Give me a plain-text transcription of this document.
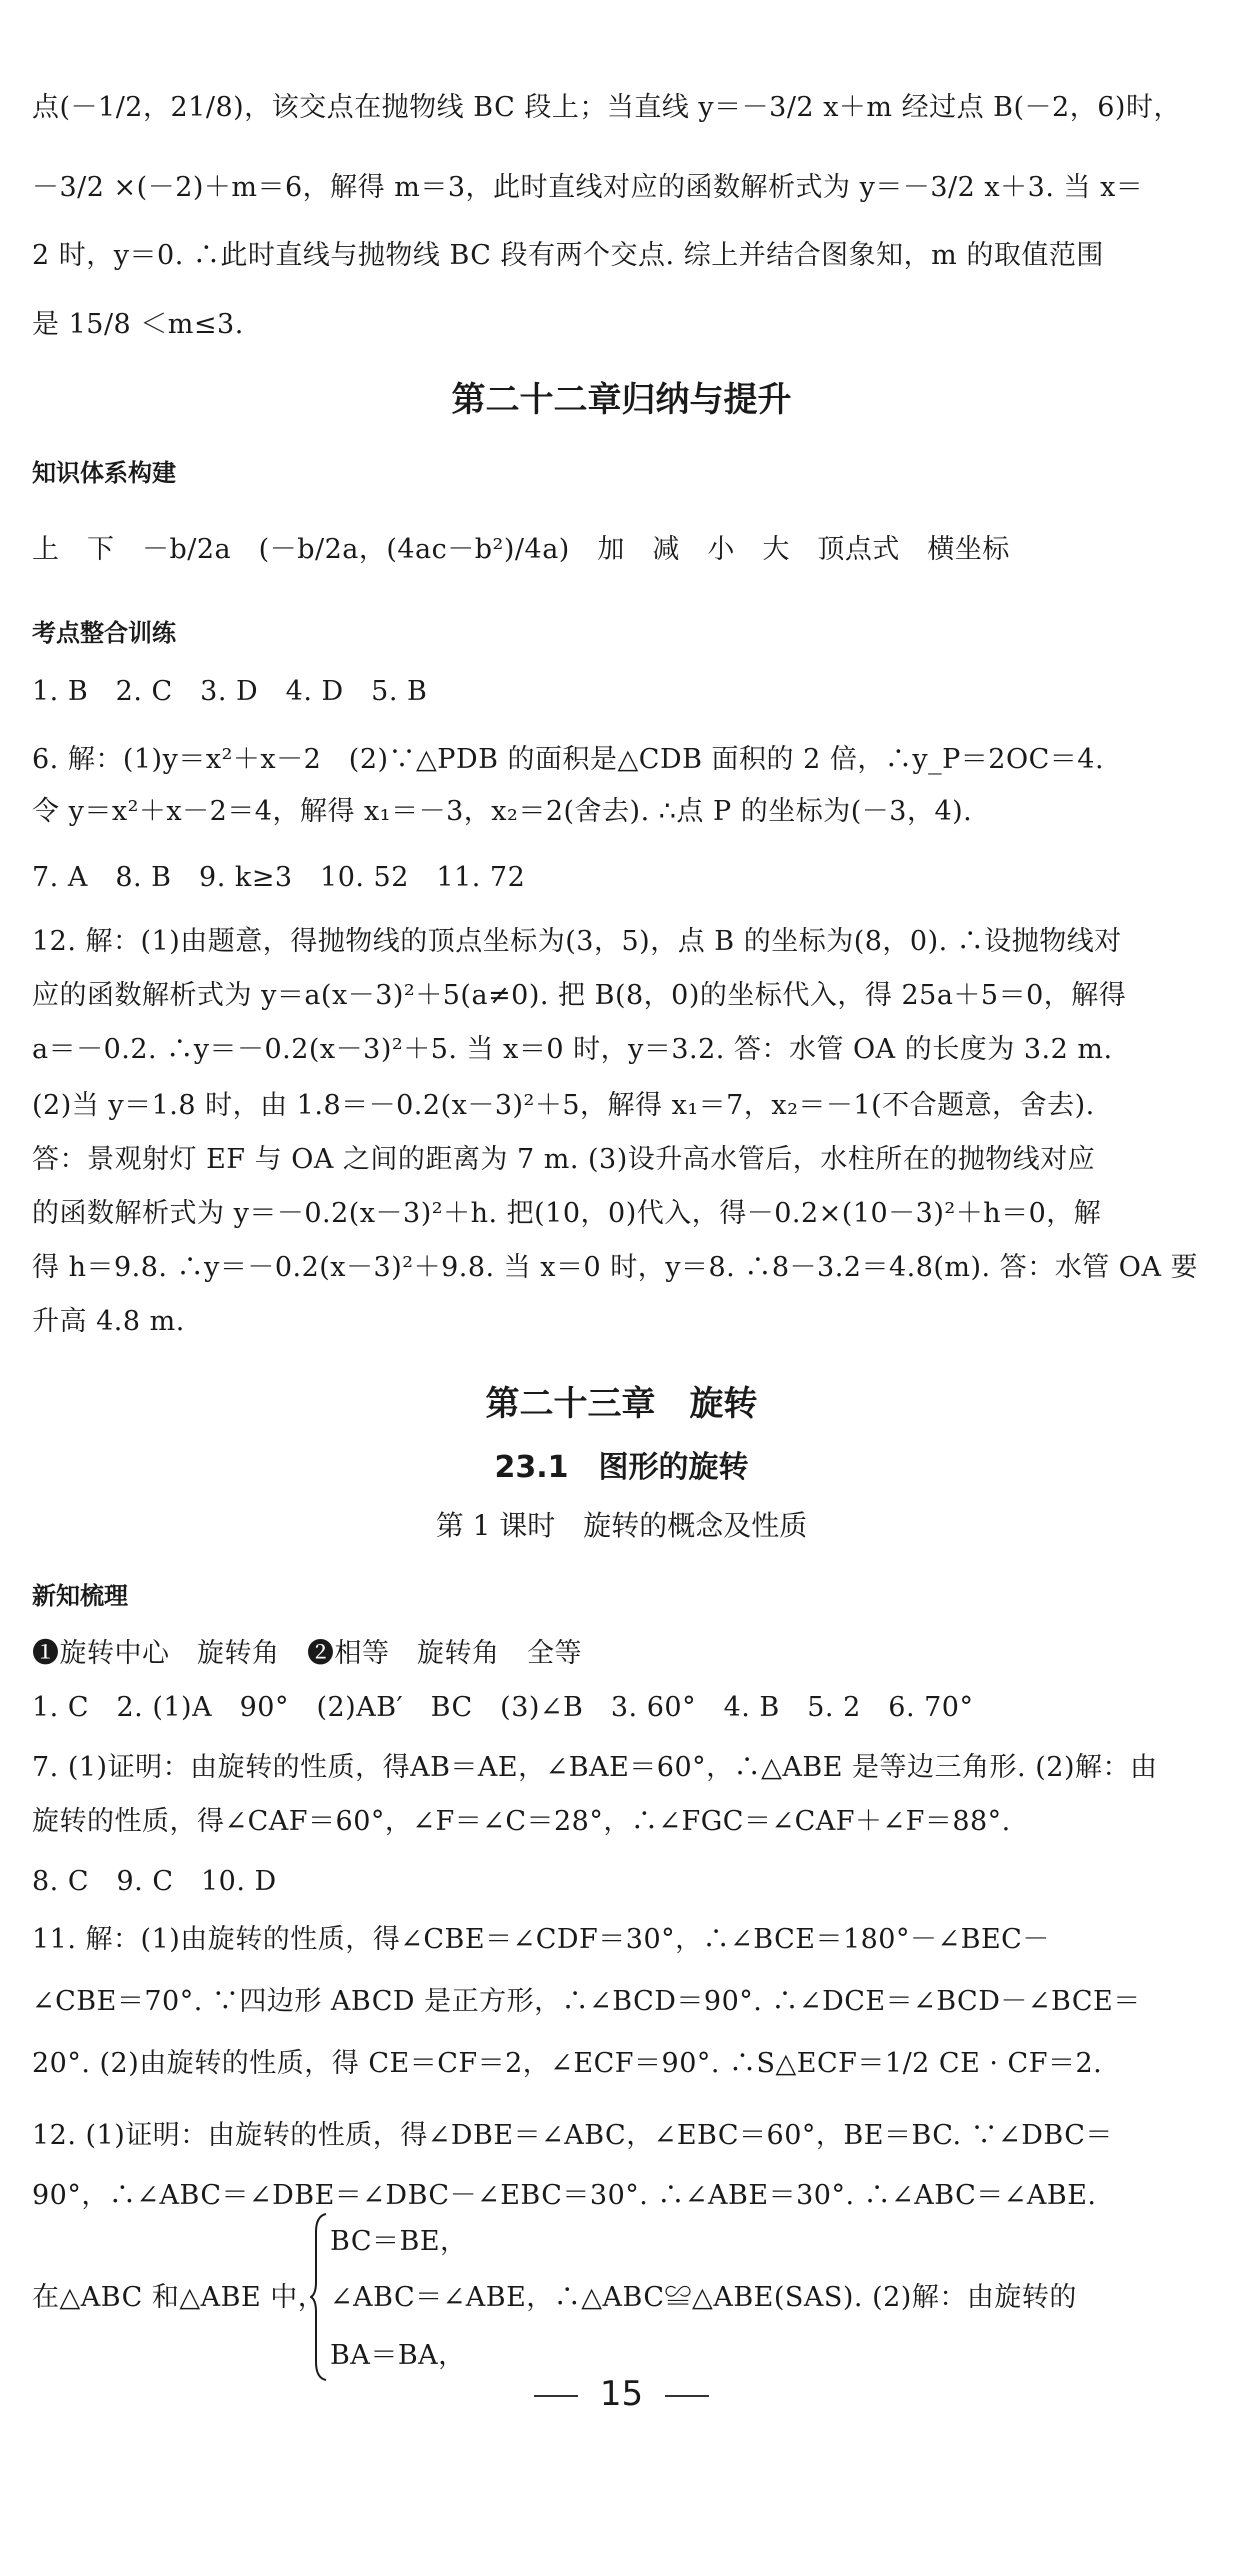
点(－1/2，21/8)，该交点在抛物线 BC 段上；当直线 y＝－3/2 x＋m 经过点 B(－2，6)时，
－3/2 ×(－2)＋m＝6，解得 m＝3，此时直线对应的函数解析式为 y＝－3/2 x＋3. 当 x＝
2 时，y＝0. ∴此时直线与抛物线 BC 段有两个交点. 综上并结合图象知，m 的取值范围
是 15/8 ＜m≤3.
第二十二章归纳与提升
知识体系构建
上　下　－b/2a　(－b/2a，(4ac－b²)/4a)　加　减　小　大　顶点式　横坐标
考点整合训练
1. B　2. C　3. D　4. D　5. B
6. 解：(1)y＝x²＋x－2　(2)∵△PDB 的面积是△CDB 面积的 2 倍，∴y_P＝2OC＝4.
令 y＝x²＋x－2＝4，解得 x₁＝－3，x₂＝2(舍去). ∴点 P 的坐标为(－3，4).
7. A　8. B　9. k≥3　10. 52　11. 72
12. 解：(1)由题意，得抛物线的顶点坐标为(3，5)，点 B 的坐标为(8，0). ∴设抛物线对
应的函数解析式为 y＝a(x－3)²＋5(a≠0). 把 B(8，0)的坐标代入，得 25a＋5＝0，解得
a＝－0.2. ∴y＝－0.2(x－3)²＋5. 当 x＝0 时，y＝3.2. 答：水管 OA 的长度为 3.2 m.
(2)当 y＝1.8 时，由 1.8＝－0.2(x－3)²＋5，解得 x₁＝7，x₂＝－1(不合题意，舍去).
答：景观射灯 EF 与 OA 之间的距离为 7 m. (3)设升高水管后，水柱所在的抛物线对应
的函数解析式为 y＝－0.2(x－3)²＋h. 把(10，0)代入，得－0.2×(10－3)²＋h＝0，解
得 h＝9.8. ∴y＝－0.2(x－3)²＋9.8. 当 x＝0 时，y＝8. ∴8－3.2＝4.8(m). 答：水管 OA 要
升高 4.8 m.
第二十三章　旋转
23.1　图形的旋转
第 1 课时　旋转的概念及性质
新知梳理
❶旋转中心　旋转角　❷相等　旋转角　全等
1. C　2. (1)A　90°　(2)AB′　BC　(3)∠B　3. 60°　4. B　5. 2　6. 70°
7. (1)证明：由旋转的性质，得AB＝AE，∠BAE＝60°，∴△ABE 是等边三角形. (2)解：由
旋转的性质，得∠CAF＝60°，∠F＝∠C＝28°，∴∠FGC＝∠CAF＋∠F＝88°.
8. C　9. C　10. D
11. 解：(1)由旋转的性质，得∠CBE＝∠CDF＝30°，∴∠BCE＝180°－∠BEC－
∠CBE＝70°. ∵四边形 ABCD 是正方形，∴∠BCD＝90°. ∴∠DCE＝∠BCD－∠BCE＝
20°. (2)由旋转的性质，得 CE＝CF＝2，∠ECF＝90°. ∴S△ECF＝1/2 CE · CF＝2.
12. (1)证明：由旋转的性质，得∠DBE＝∠ABC，∠EBC＝60°，BE＝BC. ∵∠DBC＝
90°，∴∠ABC＝∠DBE＝∠DBC－∠EBC＝30°. ∴∠ABE＝30°. ∴∠ABC＝∠ABE.
BC＝BE，
在△ABC 和△ABE 中， ∠ABC＝∠ABE，∴△ABC≌△ABE(SAS). (2)解：由旋转的
BA＝BA，
15
